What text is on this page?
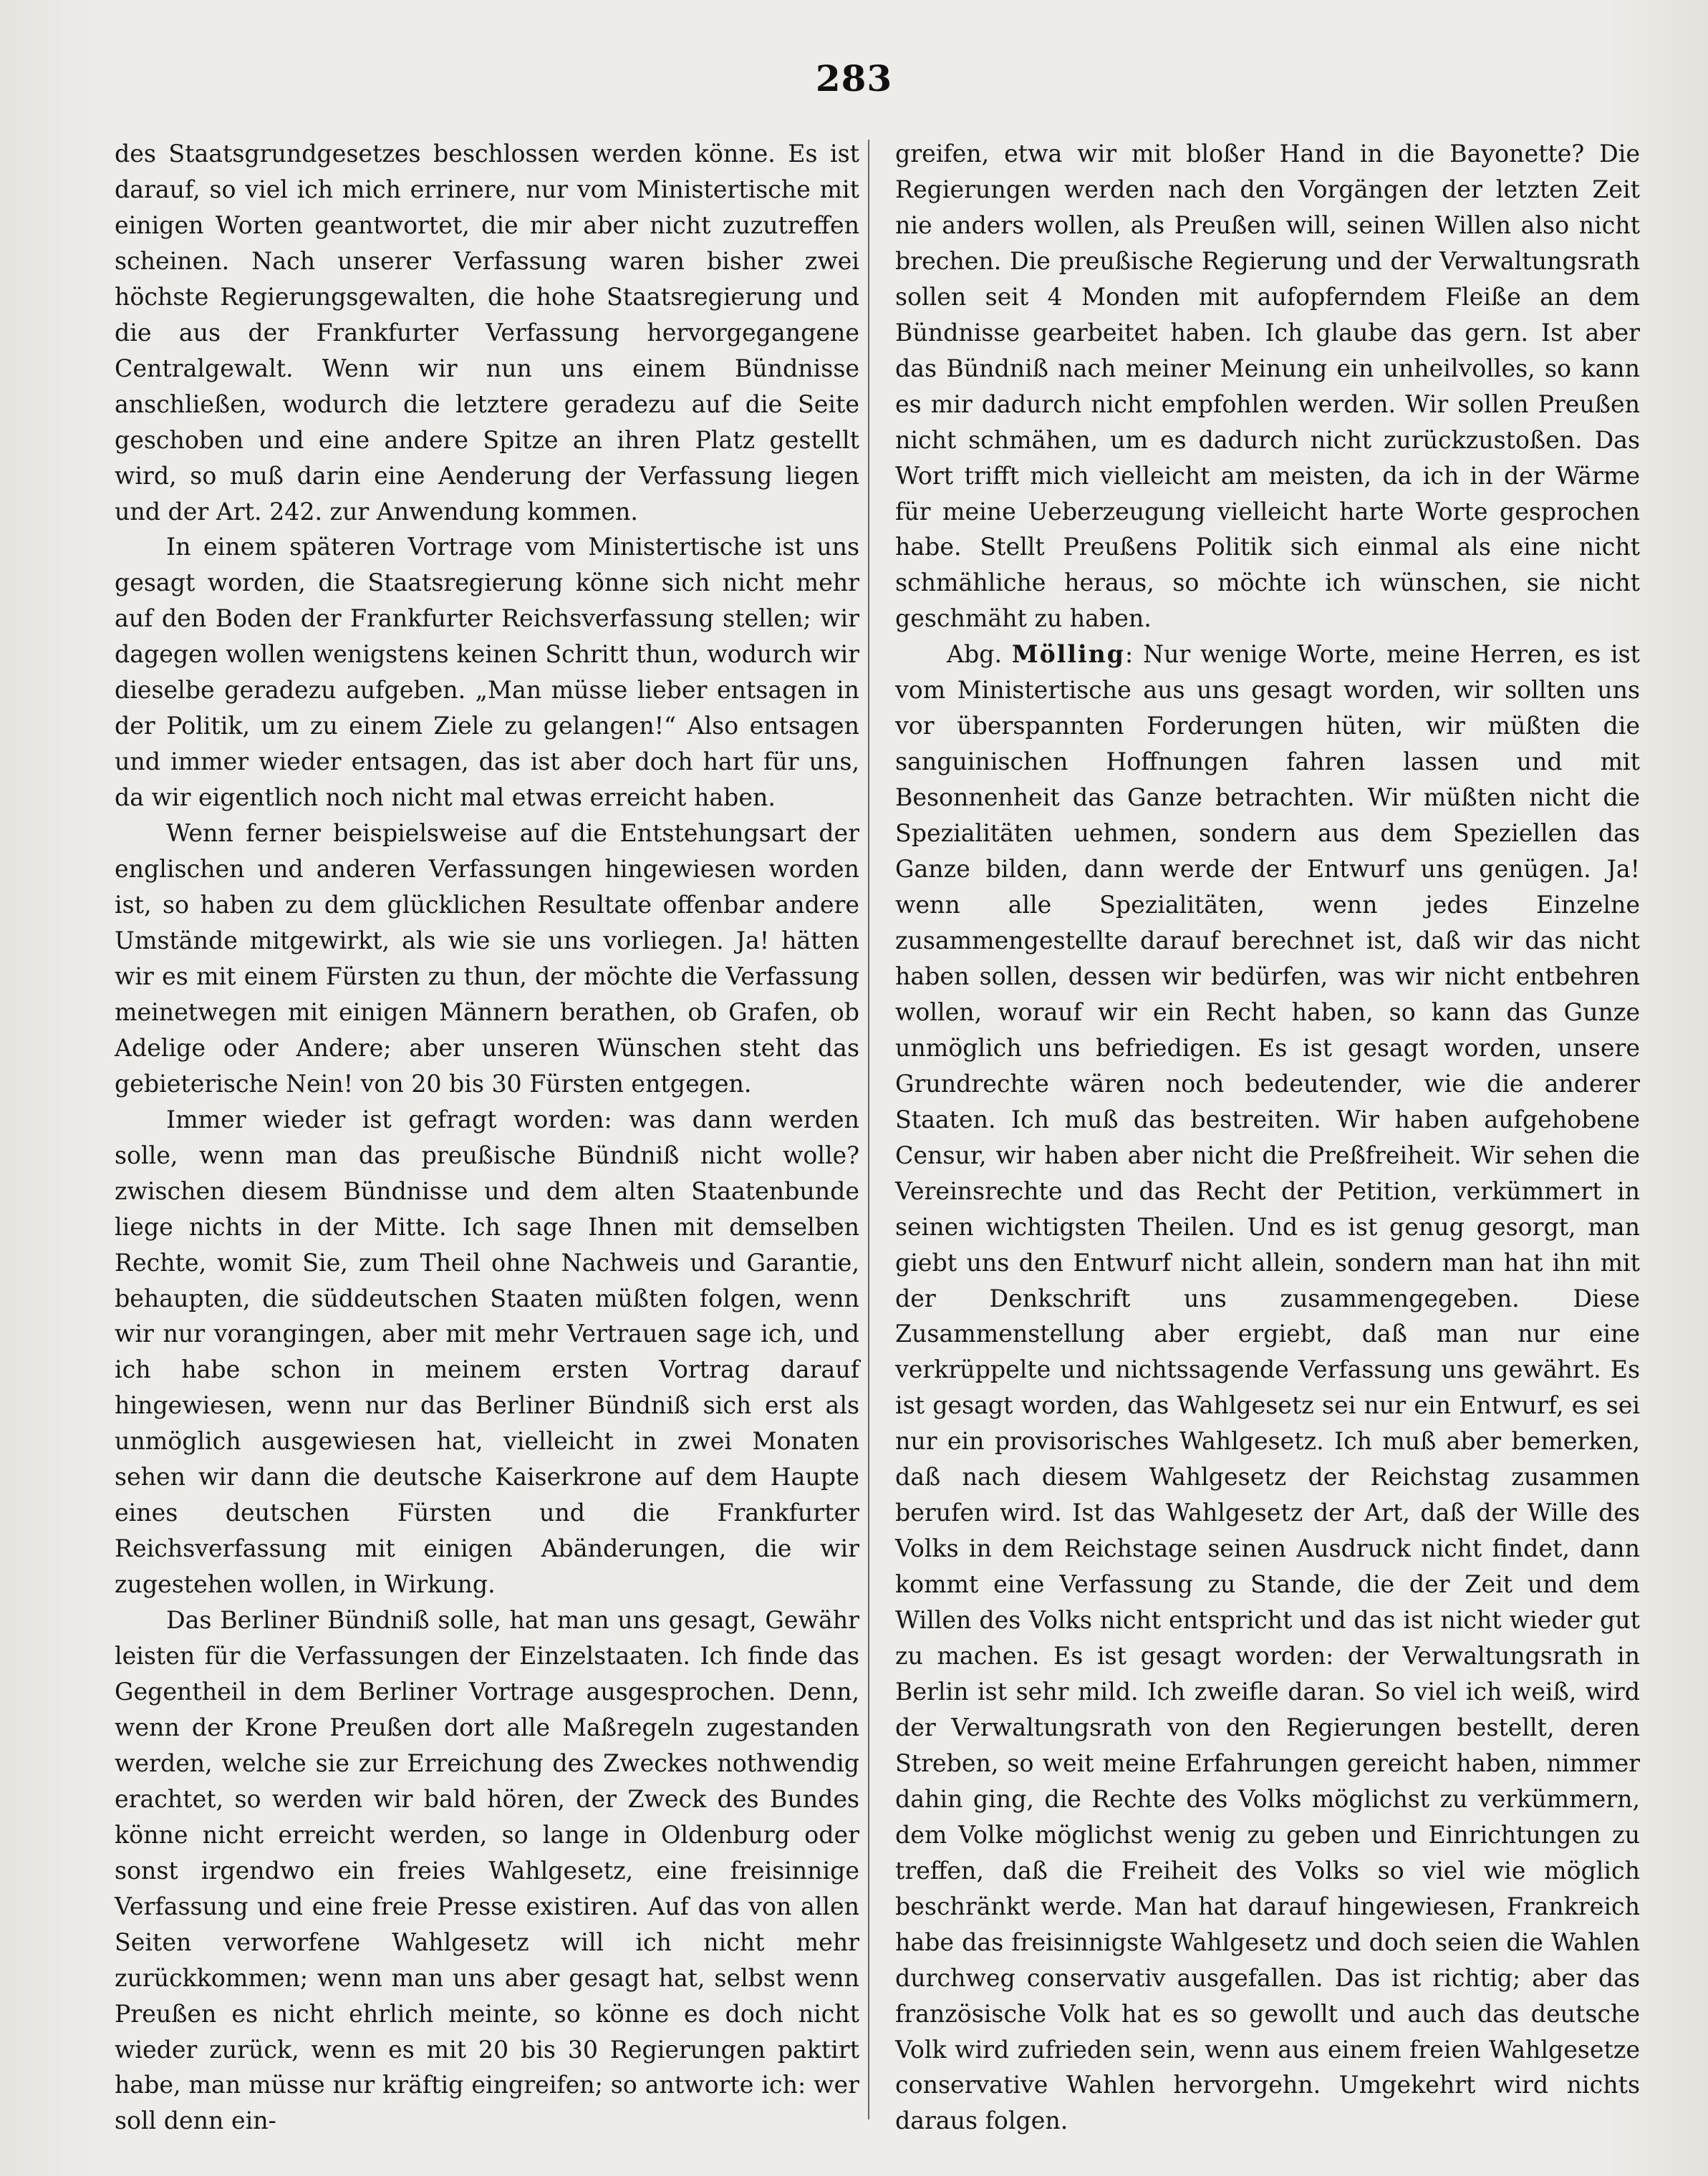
283

des Staatsgrundgesetzes beschlossen werden könne. Es ist darauf, so viel ich mich errinere, nur vom Ministertische mit einigen Worten geantwortet, die mir aber nicht zuzutreffen scheinen. Nach unserer Verfassung waren bisher zwei höchste Regierungsgewalten, die hohe Staatsregierung und die aus der Frankfurter Verfassung hervorgegangene Centralgewalt. Wenn wir nun uns einem Bündnisse anschließen, wodurch die letztere geradezu auf die Seite geschoben und eine andere Spitze an ihren Platz gestellt wird, so muß darin eine Aenderung der Verfassung liegen und der Art. 242. zur Anwendung kommen.

In einem späteren Vortrage vom Ministertische ist uns gesagt worden, die Staatsregierung könne sich nicht mehr auf den Boden der Frankfurter Reichsverfassung stellen; wir dagegen wollen wenigstens keinen Schritt thun, wodurch wir dieselbe geradezu aufgeben. „Man müsse lieber entsagen in der Politik, um zu einem Ziele zu gelangen!“ Also entsagen und immer wieder entsagen, das ist aber doch hart für uns, da wir eigentlich noch nicht mal etwas erreicht haben.

Wenn ferner beispielsweise auf die Entstehungsart der englischen und anderen Verfassungen hingewiesen worden ist, so haben zu dem glücklichen Resultate offenbar andere Umstände mitgewirkt, als wie sie uns vorliegen. Ja! hätten wir es mit einem Fürsten zu thun, der möchte die Verfassung meinetwegen mit einigen Männern berathen, ob Grafen, ob Adelige oder Andere; aber unseren Wünschen steht das gebieterische Nein! von 20 bis 30 Fürsten entgegen.

Immer wieder ist gefragt worden: was dann werden solle, wenn man das preußische Bündniß nicht wolle? zwischen diesem Bündnisse und dem alten Staatenbunde liege nichts in der Mitte. Ich sage Ihnen mit demselben Rechte, womit Sie, zum Theil ohne Nachweis und Garantie, behaupten, die süddeutschen Staaten müßten folgen, wenn wir nur vorangingen, aber mit mehr Vertrauen sage ich, und ich habe schon in meinem ersten Vortrag darauf hingewiesen, wenn nur das Berliner Bündniß sich erst als unmöglich ausgewiesen hat, vielleicht in zwei Monaten sehen wir dann die deutsche Kaiserkrone auf dem Haupte eines deutschen Fürsten und die Frankfurter Reichsverfassung mit einigen Abänderungen, die wir zugestehen wollen, in Wirkung.

Das Berliner Bündniß solle, hat man uns gesagt, Gewähr leisten für die Verfassungen der Einzelstaaten. Ich finde das Gegentheil in dem Berliner Vortrage ausgesprochen. Denn, wenn der Krone Preußen dort alle Maßregeln zugestanden werden, welche sie zur Erreichung des Zweckes nothwendig erachtet, so werden wir bald hören, der Zweck des Bundes könne nicht erreicht werden, so lange in Oldenburg oder sonst irgendwo ein freies Wahlgesetz, eine freisinnige Verfassung und eine freie Presse existiren. Auf das von allen Seiten verworfene Wahlgesetz will ich nicht mehr zurückkommen; wenn man uns aber gesagt hat, selbst wenn Preußen es nicht ehrlich meinte, so könne es doch nicht wieder zurück, wenn es mit 20 bis 30 Regierungen paktirt habe, man müsse nur kräftig eingreifen; so antworte ich: wer soll denn ein-

greifen, etwa wir mit bloßer Hand in die Bayonette? Die Regierungen werden nach den Vorgängen der letzten Zeit nie anders wollen, als Preußen will, seinen Willen also nicht brechen. Die preußische Regierung und der Verwaltungsrath sollen seit 4 Monden mit aufopferndem Fleiße an dem Bündnisse gearbeitet haben. Ich glaube das gern. Ist aber das Bündniß nach meiner Meinung ein unheilvolles, so kann es mir dadurch nicht empfohlen werden. Wir sollen Preußen nicht schmähen, um es dadurch nicht zurückzustoßen. Das Wort trifft mich vielleicht am meisten, da ich in der Wärme für meine Ueberzeugung vielleicht harte Worte gesprochen habe. Stellt Preußens Politik sich einmal als eine nicht schmähliche heraus, so möchte ich wünschen, sie nicht geschmäht zu haben.

Abg. Mölling: Nur wenige Worte, meine Herren, es ist vom Ministertische aus uns gesagt worden, wir sollten uns vor überspannten Forderungen hüten, wir müßten die sanguinischen Hoffnungen fahren lassen und mit Besonnenheit das Ganze betrachten. Wir müßten nicht die Spezialitäten uehmen, sondern aus dem Speziellen das Ganze bilden, dann werde der Entwurf uns genügen. Ja! wenn alle Spezialitäten, wenn jedes Einzelne zusammengestellte darauf berechnet ist, daß wir das nicht haben sollen, dessen wir bedürfen, was wir nicht entbehren wollen, worauf wir ein Recht haben, so kann das Gunze unmöglich uns befriedigen. Es ist gesagt worden, unsere Grundrechte wären noch bedeutender, wie die anderer Staaten. Ich muß das bestreiten. Wir haben aufgehobene Censur, wir haben aber nicht die Preßfreiheit. Wir sehen die Vereinsrechte und das Recht der Petition, verkümmert in seinen wichtigsten Theilen. Und es ist genug gesorgt, man giebt uns den Entwurf nicht allein, sondern man hat ihn mit der Denkschrift uns zusammengegeben. Diese Zusammenstellung aber ergiebt, daß man nur eine verkrüppelte und nichtssagende Verfassung uns gewährt. Es ist gesagt worden, das Wahlgesetz sei nur ein Entwurf, es sei nur ein provisorisches Wahlgesetz. Ich muß aber bemerken, daß nach diesem Wahlgesetz der Reichstag zusammen berufen wird. Ist das Wahlgesetz der Art, daß der Wille des Volks in dem Reichstage seinen Ausdruck nicht findet, dann kommt eine Verfassung zu Stande, die der Zeit und dem Willen des Volks nicht entspricht und das ist nicht wieder gut zu machen. Es ist gesagt worden: der Verwaltungsrath in Berlin ist sehr mild. Ich zweifle daran. So viel ich weiß, wird der Verwaltungsrath von den Regierungen bestellt, deren Streben, so weit meine Erfahrungen gereicht haben, nimmer dahin ging, die Rechte des Volks möglichst zu verkümmern, dem Volke möglichst wenig zu geben und Einrichtungen zu treffen, daß die Freiheit des Volks so viel wie möglich beschränkt werde. Man hat darauf hingewiesen, Frankreich habe das freisinnigste Wahlgesetz und doch seien die Wahlen durchweg conservativ ausgefallen. Das ist richtig; aber das französische Volk hat es so gewollt und auch das deutsche Volk wird zufrieden sein, wenn aus einem freien Wahlgesetze conservative Wahlen hervorgehn. Umgekehrt wird nichts daraus folgen.
